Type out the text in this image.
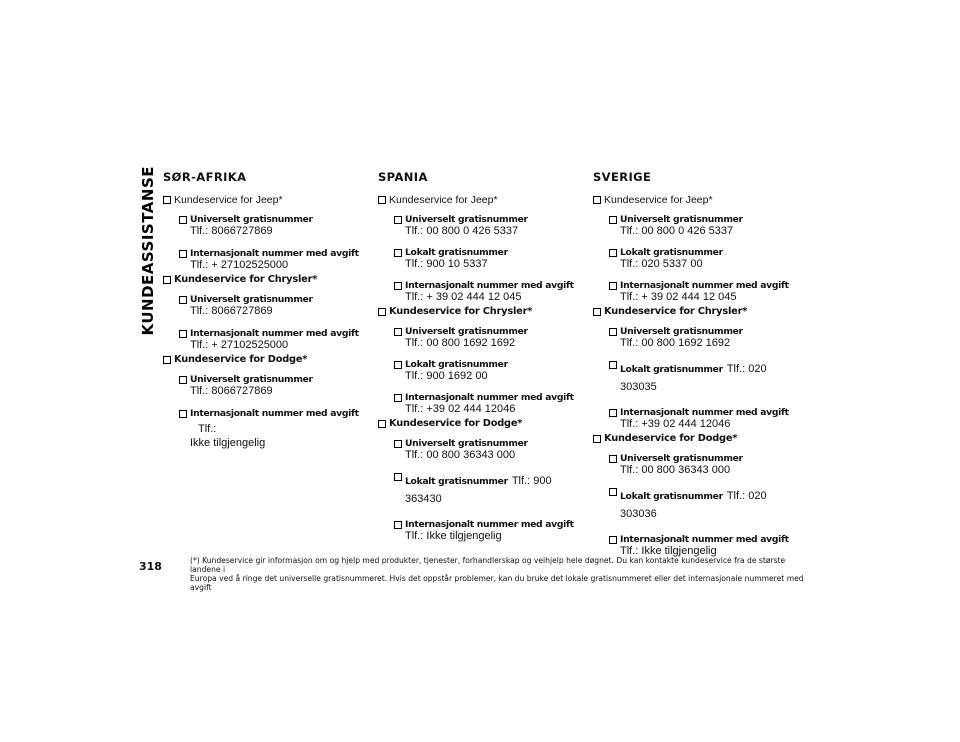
KUNDEASSISTANSE SØR-AFRIKA
Kundeservice for Jeep*
Universelt gratisnummer
Tlf.: 8066727869
Internasjonalt nummer med avgift
Tlf.: + 27102525000
Kundeservice for Chrysler*
Universelt gratisnummer
Tlf.: 8066727869
Internasjonalt nummer med avgift
Tlf.: + 27102525000
Kundeservice for Dodge*
Universelt gratisnummer
Tlf.: 8066727869
Internasjonalt nummer med avgift
Tlf.:
Ikke tilgjengelig
SPANIA
Kundeservice for Jeep*
Universelt gratisnummer
Tlf.: 00 800 0 426 5337
Lokalt gratisnummer
Tlf.: 900 10 5337
Internasjonalt nummer med avgift
Tlf.: + 39 02 444 12 045
Kundeservice for Chrysler*
Universelt gratisnummer
Tlf.: 00 800 1692 1692
Lokalt gratisnummer
Tlf.: 900 1692 00
Internasjonalt nummer med avgift
Tlf.: +39 02 444 12046
Kundeservice for Dodge*
Universelt gratisnummer
Tlf.: 00 800 36343 000
Lokalt gratisnummer Tlf.: 900 363430
Internasjonalt nummer med avgift
Tlf.: Ikke tilgjengelig
SVERIGE
Kundeservice for Jeep*
Universelt gratisnummer
Tlf.: 00 800 0 426 5337
Lokalt gratisnummer
Tlf.: 020 5337 00
Internasjonalt nummer med avgift
Tlf.: + 39 02 444 12 045
Kundeservice for Chrysler*
Universelt gratisnummer
Tlf.: 00 800 1692 1692
Lokalt gratisnummer Tlf.: 020 303035
Internasjonalt nummer med avgift
Tlf.: +39 02 444 12046
Kundeservice for Dodge*
Universelt gratisnummer
Tlf.: 00 800 36343 000
Lokalt gratisnummer Tlf.: 020 303036
Internasjonalt nummer med avgift
Tlf.: Ikke tilgjengelig
318	(*) Kundeservice gir informasjon om og hjelp med produkter, tjenester, forhandlerskap og veihjelp hele døgnet. Du kan kontakte kundeservice fra de største landene i
Europa ved å ringe det universelle gratisnummeret. Hvis det oppstår problemer, kan du bruke det lokale gratisnummeret eller det internasjonale nummeret med avgift
